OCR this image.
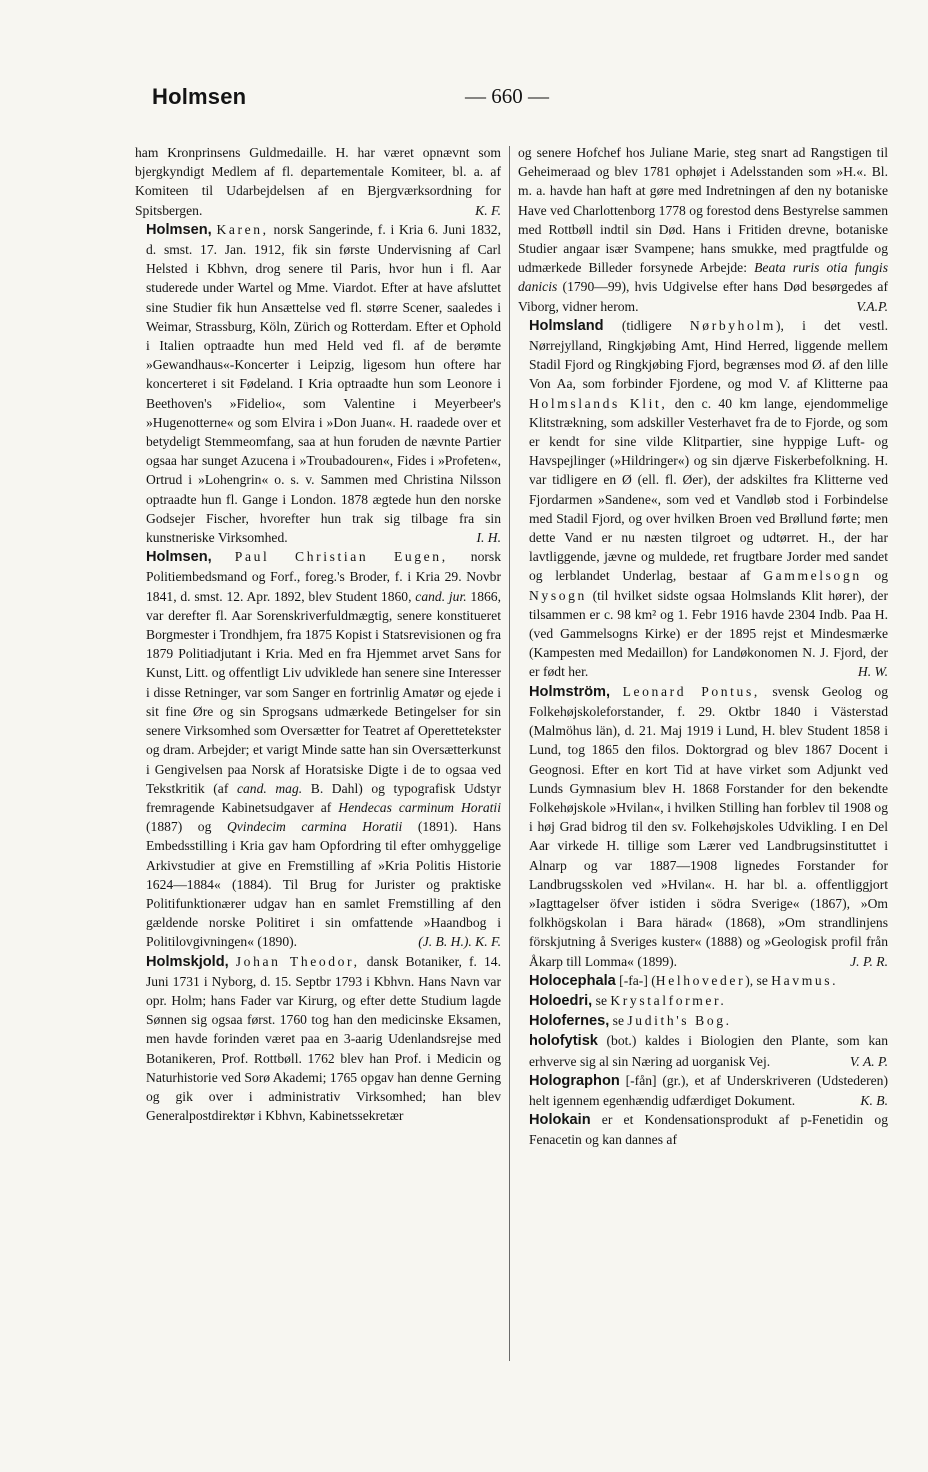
Holmsen	— 660 —

ham Kronprinsens Guldmedaille. H. har været opnævnt som bjergkyndigt Medlem af fl. departementale Komiteer, bl. a. af Komiteen til Udarbejdelsen af en Bjergværksordning for Spitsbergen.	K. F.

Holmsen, Karen, norsk Sangerinde, f. i Kria 6. Juni 1832, d. smst. 17. Jan. 1912, fik sin første Undervisning af Carl Helsted i Kbhvn, drog senere til Paris, hvor hun i fl. Aar studerede under Wartel og Mme. Viardot. Efter at have afsluttet sine Studier fik hun Ansættelse ved fl. større Scener, saaledes i Weimar, Strassburg, Köln, Zürich og Rotterdam. Efter et Ophold i Italien optraadte hun med Held ved fl. af de berømte »Gewandhaus«-Koncerter i Leipzig, ligesom hun oftere har koncerteret i sit Fødeland. I Kria optraadte hun som Leonore i Beethoven's »Fidelio«, som Valentine i Meyerbeer's »Hugenotterne« og som Elvira i »Don Juan«. H. raadede over et betydeligt Stemmeomfang, saa at hun foruden de nævnte Partier ogsaa har sunget Azucena i »Troubadouren«, Fides i »Profeten«, Ortrud i »Lohengrin« o. s. v. Sammen med Christina Nilsson optraadte hun fl. Gange i London. 1878 ægtede hun den norske Godsejer Fischer, hvorefter hun trak sig tilbage fra sin kunstneriske Virksomhed.	I. H.

Holmsen, Paul Christian Eugen, norsk Politiembedsmand og Forf., foreg.'s Broder, f. i Kria 29. Novbr 1841, d. smst. 12. Apr. 1892, blev Student 1860, cand. jur. 1866, var derefter fl. Aar Sorenskriverfuldmægtig, senere konstitueret Borgmester i Trondhjem, fra 1875 Kopist i Statsrevisionen og fra 1879 Politiadjutant i Kria. Med en fra Hjemmet arvet Sans for Kunst, Litt. og offentligt Liv udviklede han senere sine Interesser i disse Retninger, var som Sanger en fortrinlig Amatør og ejede i sit fine Øre og sin Sprogsans udmærkede Betingelser for sin senere Virksomhed som Oversætter for Teatret af Operettetekster og dram. Arbejder; et varigt Minde satte han sin Oversætterkunst i Gengivelsen paa Norsk af Horatsiske Digte i de to ogsaa ved Tekstkritik (af cand. mag. B. Dahl) og typografisk Udstyr fremragende Kabinetsudgaver af Hendecas carminum Horatii (1887) og Qvindecim carmina Horatii (1891). Hans Embedsstilling i Kria gav ham Opfordring til efter omhyggelige Arkivstudier at give en Fremstilling af »Kria Politis Historie 1624—1884« (1884). Til Brug for Jurister og praktiske Politifunktionærer udgav han en samlet Fremstilling af den gældende norske Politiret i sin omfattende »Haandbog i Politilovgivningen« (1890).	(J. B. H.). K. F.

Holmskjold, Johan Theodor, dansk Botaniker, f. 14. Juni 1731 i Nyborg, d. 15. Septbr 1793 i Kbhvn. Hans Navn var opr. Holm; hans Fader var Kirurg, og efter dette Studium lagde Sønnen sig ogsaa først. 1760 tog han den medicinske Eksamen, men havde forinden været paa en 3-aarig Udenlandsrejse med Botanikeren, Prof. Rottbøll. 1762 blev han Prof. i Medicin og Naturhistorie ved Sorø Akademi; 1765 opgav han denne Gerning og gik over i administrativ Virksomhed; han blev Generalpostdirektør i Kbhvn, Kabinetssekretær

og senere Hofchef hos Juliane Marie, steg snart ad Rangstigen til Geheimeraad og blev 1781 ophøjet i Adelsstanden som »H.«. Bl. m. a. havde han haft at gøre med Indretningen af den ny botaniske Have ved Charlottenborg 1778 og forestod dens Bestyrelse sammen med Rottbøll indtil sin Død. Hans i Fritiden drevne, botaniske Studier angaar især Svampene; hans smukke, med pragtfulde og udmærkede Billeder forsynede Arbejde: Beata ruris otia fungis danicis (1790—99), hvis Udgivelse efter hans Død besørgedes af Viborg, vidner herom.	V.A.P.

Holmsland (tidligere Nørbyholm), i det vestl. Nørrejylland, Ringkjøbing Amt, Hind Herred, liggende mellem Stadil Fjord og Ringkjøbing Fjord, begrænses mod Ø. af den lille Von Aa, som forbinder Fjordene, og mod V. af Klitterne paa Holmslands Klit, den c. 40 km lange, ejendommelige Klitstrækning, som adskiller Vesterhavet fra de to Fjorde, og som er kendt for sine vilde Klitpartier, sine hyppige Luft- og Havspejlinger (»Hildringer«) og sin djærve Fiskerbefolkning. H. var tidligere en Ø (ell. fl. Øer), der adskiltes fra Klitterne ved Fjordarmen »Sandene«, som ved et Vandløb stod i Forbindelse med Stadil Fjord, og over hvilken Broen ved Brøllund førte; men dette Vand er nu næsten tilgroet og udtørret. H., der har lavtliggende, jævne og muldede, ret frugtbare Jorder med sandet og lerblandet Underlag, bestaar af Gammelsogn og Nysogn (til hvilket sidste ogsaa Holmslands Klit hører), der tilsammen er c. 98 km² og 1. Febr 1916 havde 2304 Indb. Paa H. (ved Gammelsogns Kirke) er der 1895 rejst et Mindesmærke (Kampesten med Medaillon) for Landøkonomen N. J. Fjord, der er født her.	H. W.

Holmström, Leonard Pontus, svensk Geolog og Folkehøjskoleforstander, f. 29. Oktbr 1840 i Västerstad (Malmöhus län), d. 21. Maj 1919 i Lund, H. blev Student 1858 i Lund, tog 1865 den filos. Doktorgrad og blev 1867 Docent i Geognosi. Efter en kort Tid at have virket som Adjunkt ved Lunds Gymnasium blev H. 1868 Forstander for den bekendte Folkehøjskole »Hvilan«, i hvilken Stilling han forblev til 1908 og i høj Grad bidrog til den sv. Folkehøjskoles Udvikling. I en Del Aar virkede H. tillige som Lærer ved Landbrugsinstituttet i Alnarp og var 1887—1908 lignedes Forstander for Landbrugsskolen ved »Hvilan«. H. har bl. a. offentliggjort »Iagttagelser öfver istiden i södra Sverige« (1867), »Om folkhögskolan i Bara härad« (1868), »Om strandlinjens förskjutning å Sveriges kuster« (1888) og »Geologisk profil från Åkarp till Lomma« (1899).	J. P. R.

Holocephala [-fa-] (Helhoveder), se Havmus.

Holoedri, se Krystalformer.

Holofernes, se Judith's Bog.

holofytisk (bot.) kaldes i Biologien den Plante, som kan erhverve sig al sin Næring ad uorganisk Vej.	V. A. P.

Holographon [-fån] (gr.), et af Underskriveren (Udstederen) helt igennem egenhændig udfærdiget Dokument.	K. B.

Holokain er et Kondensationsprodukt af p-Fenetidin og Fenacetin og kan dannes af
